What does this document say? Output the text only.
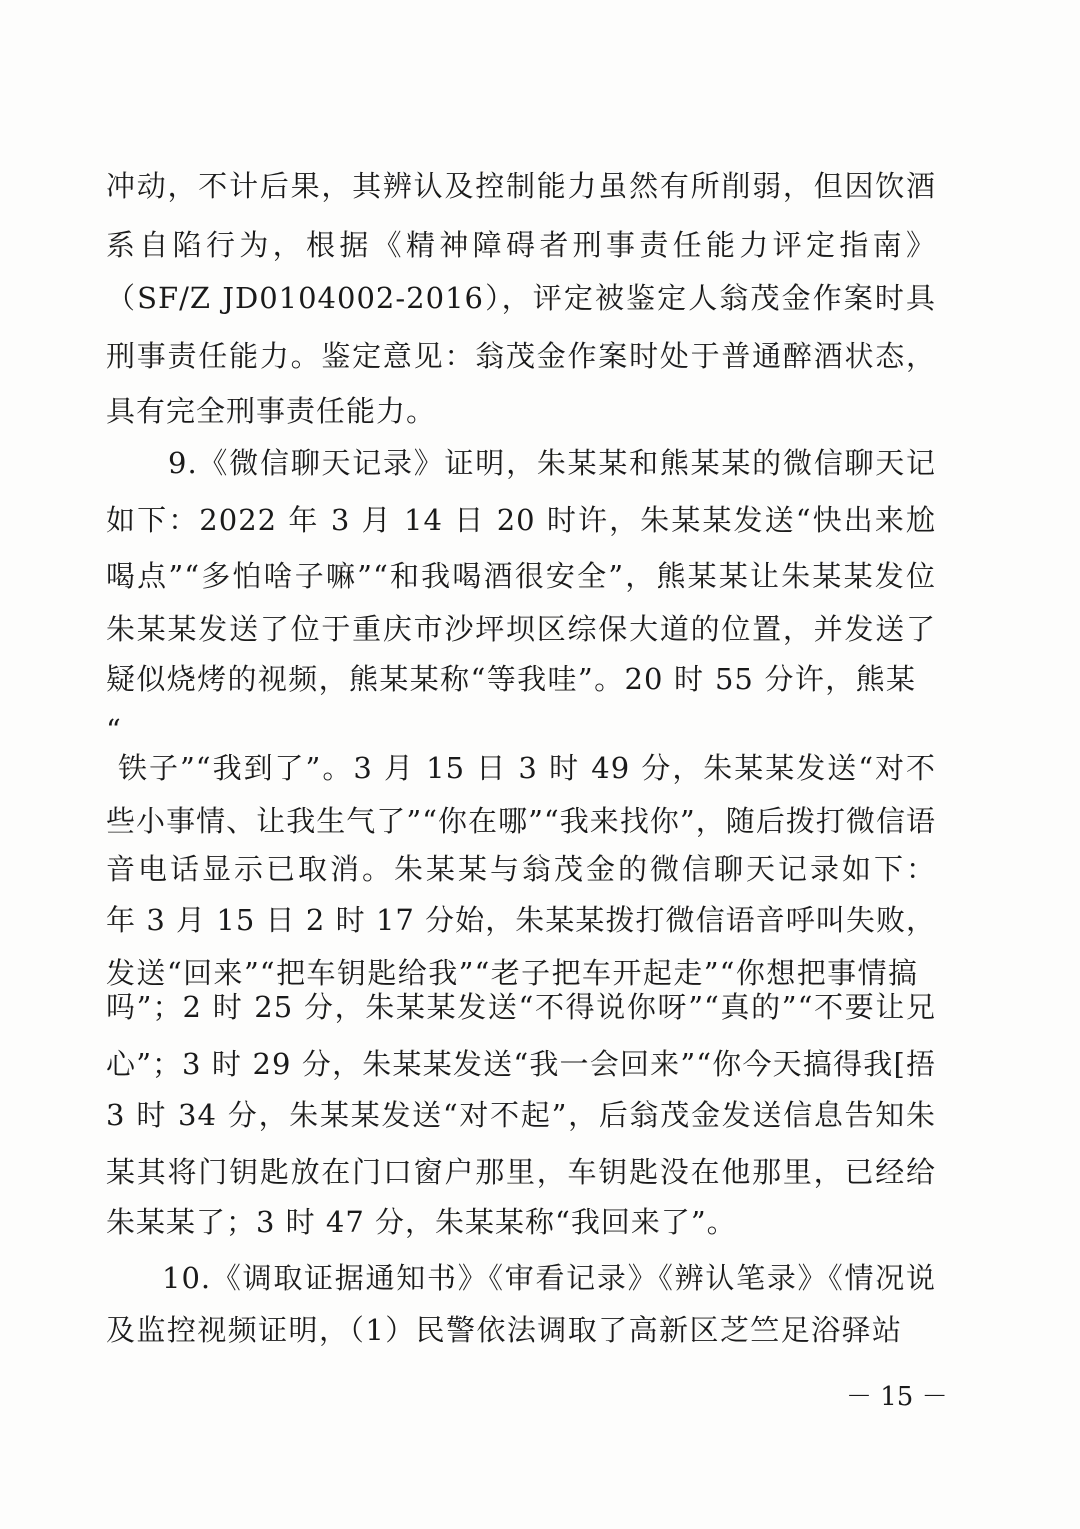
冲动，不计后果，其辨认及控制能力虽然有所削弱，但因饮酒
系自陷行为，根据《精神障碍者刑事责任能力评定指南》
（SF/Z JD0104002-2016），评定被鉴定人翁茂金作案时具
刑事责任能力。鉴定意见：翁茂金作案时处于普通醉酒状态，
具有完全刑事责任能力。
9.《微信聊天记录》证明，朱某某和熊某某的微信聊天记
如下：2022 年 3 月 14 日 20 时许，朱某某发送“快出来尬
喝点”“多怕啥子嘛”“和我喝酒很安全”，熊某某让朱某某发位
朱某某发送了位于重庆市沙坪坝区综保大道的位置，并发送了
疑似烧烤的视频，熊某某称“等我哇”。20 时 55 分许，熊某
“
铁子”“我到了”。3 月 15 日 3 时 49 分，朱某某发送“对不
些小事情、让我生气了”“你在哪”“我来找你”，随后拨打微信语
音电话显示已取消。朱某某与翁茂金的微信聊天记录如下：
年 3 月 15 日 2 时 17 分始，朱某某拨打微信语音呼叫失败，
发送“回来”“把车钥匙给我”“老子把车开起走”“你想把事情搞
吗”；2 时 25 分，朱某某发送“不得说你呀”“真的”“不要让兄
心”；3 时 29 分，朱某某发送“我一会回来”“你今天搞得我[捂
3 时 34 分，朱某某发送“对不起”，后翁茂金发送信息告知朱
某其将门钥匙放在门口窗户那里，车钥匙没在他那里，已经给
朱某某了；3 时 47 分，朱某某称“我回来了”。
10.《调取证据通知书》《审看记录》《辨认笔录》《情况说
及监控视频证明，（1）民警依法调取了高新区芝竺足浴驿站
－ 15 －
